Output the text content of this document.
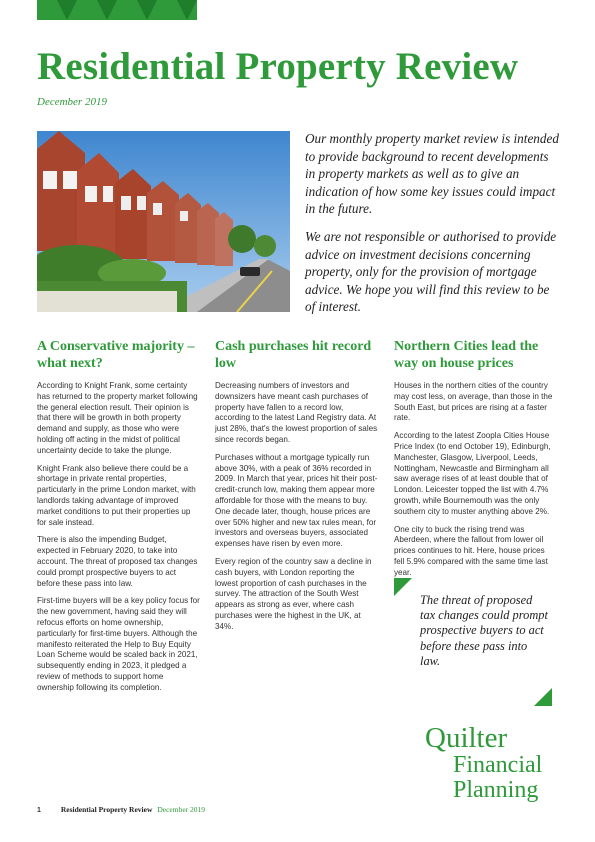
Residential Property Review
December 2019

Our monthly property market review is intended to provide background to recent developments in property markets as well as to give an indication of how some key issues could impact in the future.

We are not responsible or authorised to provide advice on investment decisions concerning property, only for the provision of mortgage advice. We hope you will find this review to be of interest.

A Conservative majority – what next?

According to Knight Frank, some certainty has returned to the property market following the general election result. Their opinion is that there will be growth in both property demand and supply, as those who were holding off acting in the midst of political uncertainty decide to take the plunge.

Knight Frank also believe there could be a shortage in private rental properties, particularly in the prime London market, with landlords taking advantage of improved market conditions to put their properties up for sale instead.

There is also the impending Budget, expected in February 2020, to take into account. The threat of proposed tax changes could prompt prospective buyers to act before these pass into law.

First-time buyers will be a key policy focus for the new government, having said they will refocus efforts on home ownership, particularly for first-time buyers. Although the manifesto reiterated the Help to Buy Equity Loan Scheme would be scaled back in 2021, subsequently ending in 2023, it pledged a review of methods to support home ownership following its completion.

Cash purchases hit record low

Decreasing numbers of investors and downsizers have meant cash purchases of property have fallen to a record low, according to the latest Land Registry data. At just 28%, that's the lowest proportion of sales since records began.

Purchases without a mortgage typically run above 30%, with a peak of 36% recorded in 2009. In March that year, prices hit their post-credit-crunch low, making them appear more affordable for those with the means to buy. One decade later, though, house prices are over 50% higher and new tax rules mean, for investors and overseas buyers, associated expenses have risen by even more.

Every region of the country saw a decline in cash buyers, with London reporting the lowest proportion of cash purchases in the survey. The attraction of the South West appears as strong as ever, where cash purchases were the highest in the UK, at 34%.

Northern Cities lead the way on house prices

Houses in the northern cities of the country may cost less, on average, than those in the South East, but prices are rising at a faster rate.

According to the latest Zoopla Cities House Price Index (to end October 19), Edinburgh, Manchester, Glasgow, Liverpool, Leeds, Nottingham, Newcastle and Birmingham all saw average rises of at least double that of London. Leicester topped the list with 4.7% growth, while Bournemouth was the only southern city to muster anything above 2%.

One city to buck the rising trend was Aberdeen, where the fallout from lower oil prices continues to hit. Here, house prices fell 5.9% compared with the same time last year.

The threat of proposed tax changes could prompt prospective buyers to act before these pass into law.
Quilter
Financial
Planning
1	Residential Property Review December 2019
